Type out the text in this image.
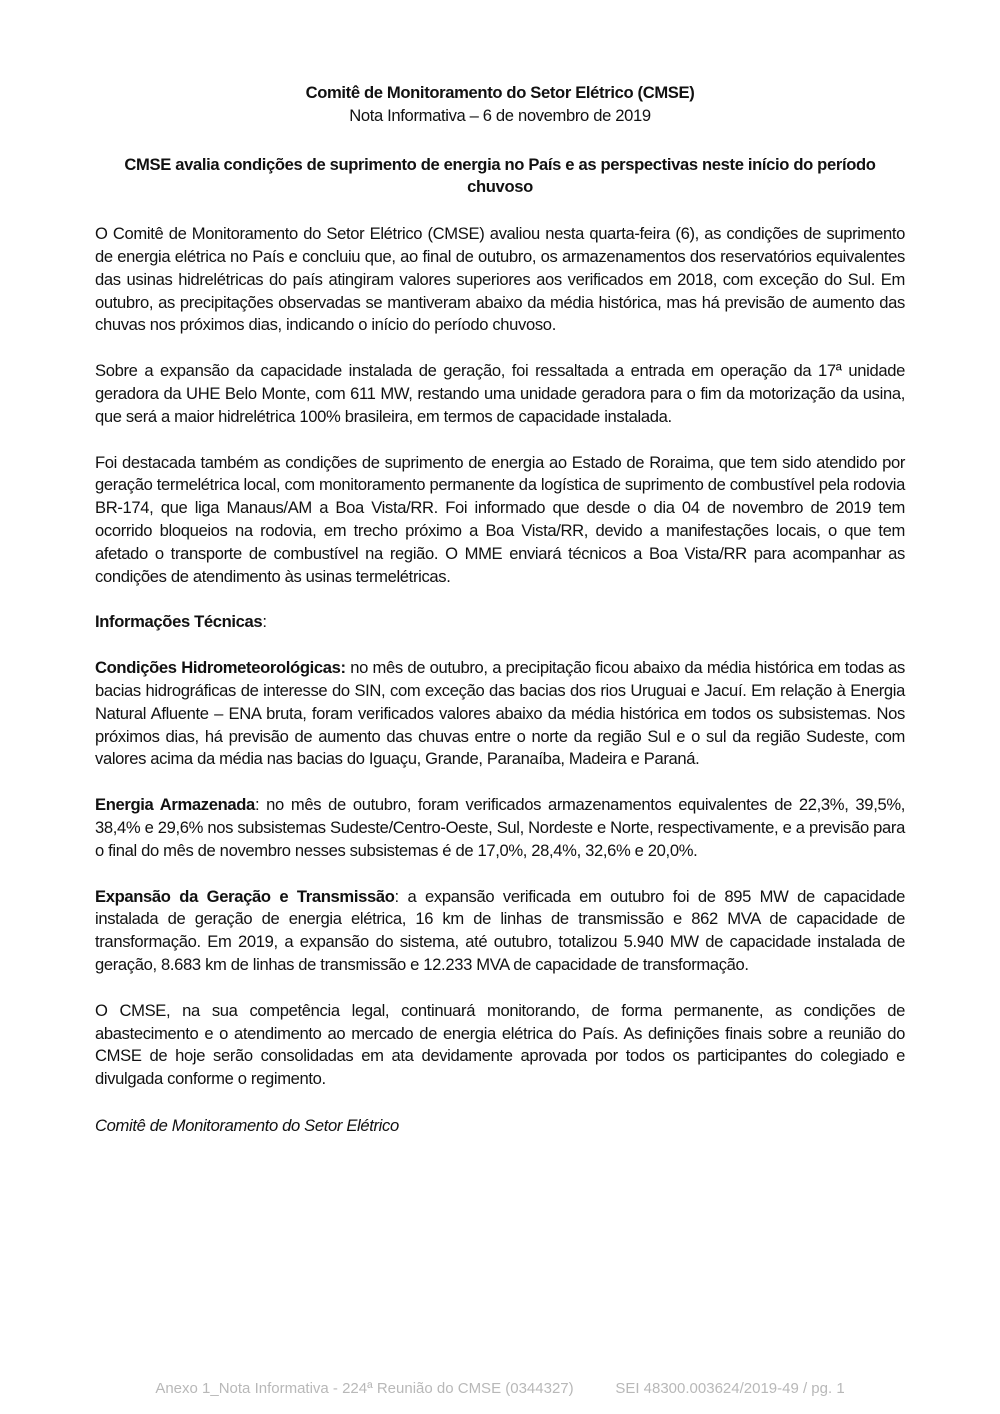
Comitê de Monitoramento do Setor Elétrico (CMSE)

Nota Informativa – 6 de novembro de 2019

CMSE avalia condições de suprimento de energia no País e as perspectivas neste início do período chuvoso

O Comitê de Monitoramento do Setor Elétrico (CMSE) avaliou nesta quarta-feira (6), as condições de suprimento de energia elétrica no País e concluiu que, ao final de outubro, os armazenamentos dos reservatórios equivalentes das usinas hidrelétricas do país atingiram valores superiores aos verificados em 2018, com exceção do Sul. Em outubro, as precipitações observadas se mantiveram abaixo da média histórica, mas há previsão de aumento das chuvas nos próximos dias, indicando o início do período chuvoso.

Sobre a expansão da capacidade instalada de geração, foi ressaltada a entrada em operação da 17ª unidade geradora da UHE Belo Monte, com 611 MW, restando uma unidade geradora para o fim da motorização da usina, que será a maior hidrelétrica 100% brasileira, em termos de capacidade instalada.

Foi destacada também as condições de suprimento de energia ao Estado de Roraima, que tem sido atendido por geração termelétrica local, com monitoramento permanente da logística de suprimento de combustível pela rodovia BR-174, que liga Manaus/AM a Boa Vista/RR. Foi informado que desde o dia 04 de novembro de 2019 tem ocorrido bloqueios na rodovia, em trecho próximo a Boa Vista/RR, devido a manifestações locais, o que tem afetado o transporte de combustível na região. O MME enviará técnicos a Boa Vista/RR para acompanhar as condições de atendimento às usinas termelétricas.

Informações Técnicas:

Condições Hidrometeorológicas: no mês de outubro, a precipitação ficou abaixo da média histórica em todas as bacias hidrográficas de interesse do SIN, com exceção das bacias dos rios Uruguai e Jacuí. Em relação à Energia Natural Afluente – ENA bruta, foram verificados valores abaixo da média histórica em todos os subsistemas. Nos próximos dias, há previsão de aumento das chuvas entre o norte da região Sul e o sul da região Sudeste, com valores acima da média nas bacias do Iguaçu, Grande, Paranaíba, Madeira e Paraná.

Energia Armazenada: no mês de outubro, foram verificados armazenamentos equivalentes de 22,3%, 39,5%, 38,4% e 29,6% nos subsistemas Sudeste/Centro-Oeste, Sul, Nordeste e Norte, respectivamente, e a previsão para o final do mês de novembro nesses subsistemas é de 17,0%, 28,4%, 32,6% e 20,0%.

Expansão da Geração e Transmissão: a expansão verificada em outubro foi de 895 MW de capacidade instalada de geração de energia elétrica, 16 km de linhas de transmissão e 862 MVA de capacidade de transformação. Em 2019, a expansão do sistema, até outubro, totalizou 5.940 MW de capacidade instalada de geração, 8.683 km de linhas de transmissão e 12.233 MVA de capacidade de transformação.

O CMSE, na sua competência legal, continuará monitorando, de forma permanente, as condições de abastecimento e o atendimento ao mercado de energia elétrica do País. As definições finais sobre a reunião do CMSE de hoje serão consolidadas em ata devidamente aprovada por todos os participantes do colegiado e divulgada conforme o regimento.

Comitê de Monitoramento do Setor Elétrico

Anexo 1_Nota Informativa - 224ª Reunião do CMSE (0344327)	SEI 48300.003624/2019-49 / pg. 1
